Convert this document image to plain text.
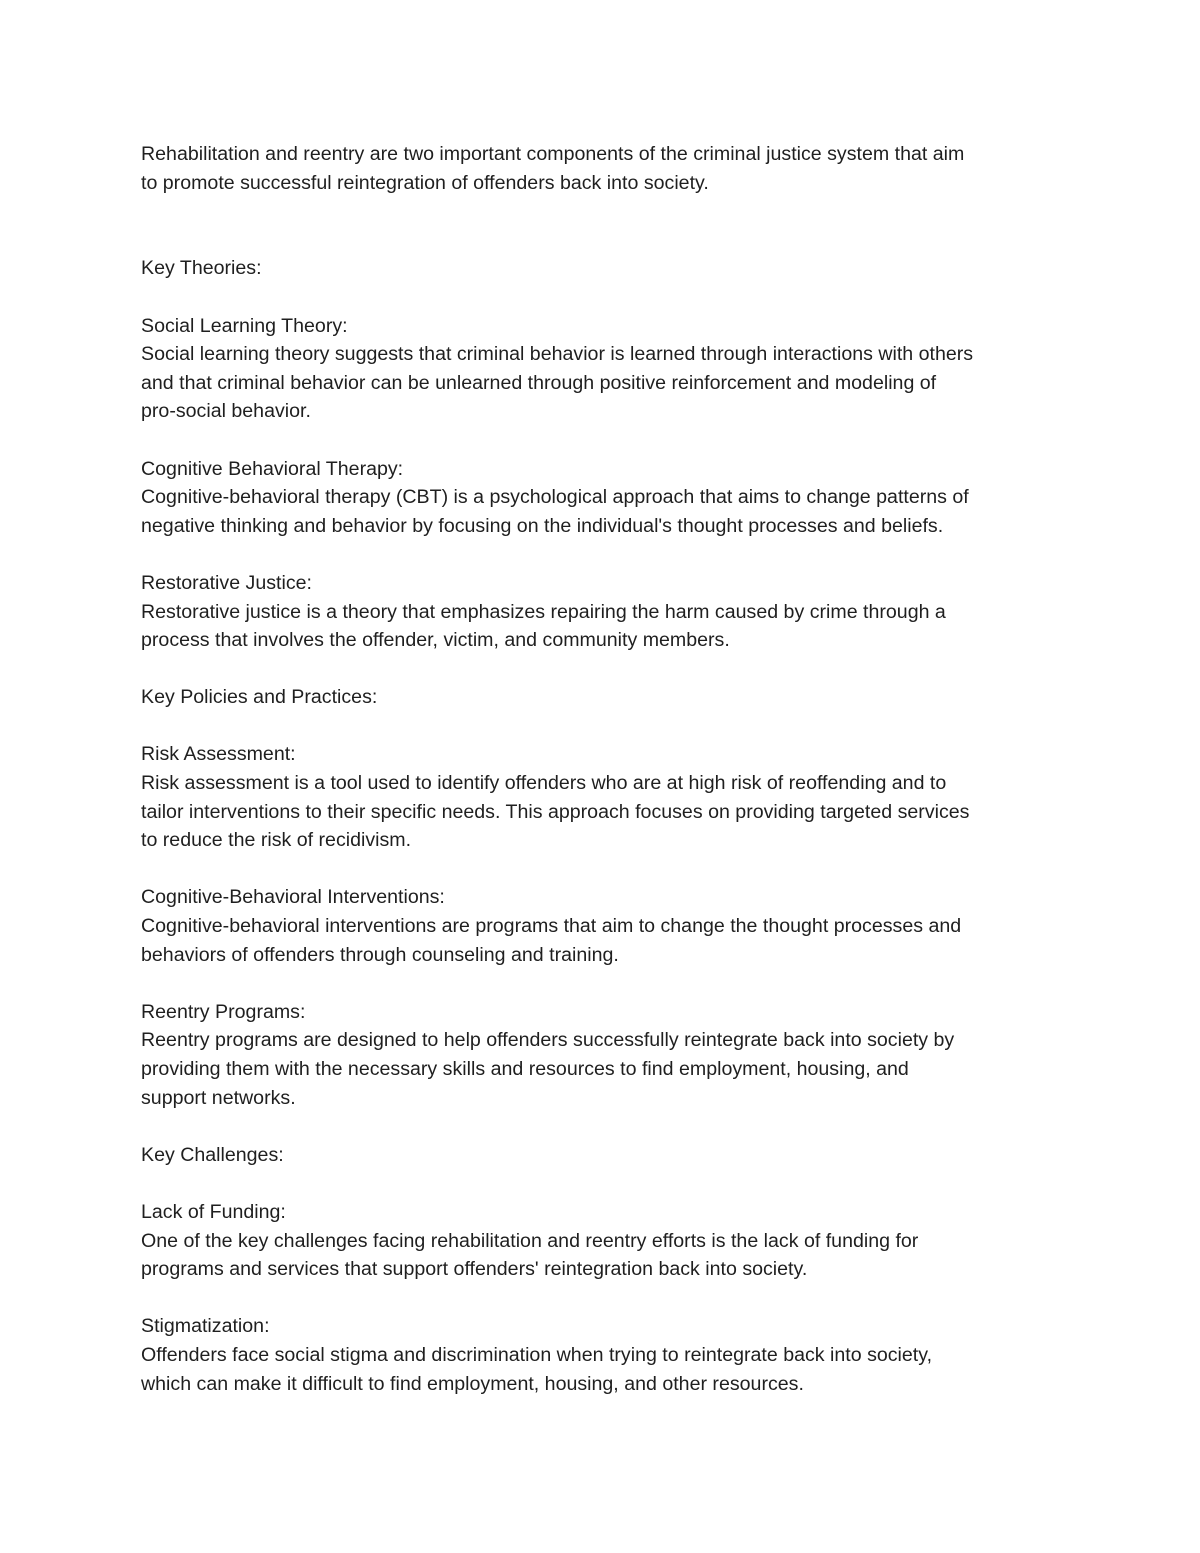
Rehabilitation and reentry are two important components of the criminal justice system that aim
to promote successful reintegration of offenders back into society.

Key Theories:

Social Learning Theory:

Social learning theory suggests that criminal behavior is learned through interactions with others
and that criminal behavior can be unlearned through positive reinforcement and modeling of
pro-social behavior.

Cognitive Behavioral Therapy:

Cognitive-behavioral therapy (CBT) is a psychological approach that aims to change patterns of
negative thinking and behavior by focusing on the individual's thought processes and beliefs.

Restorative Justice:

Restorative justice is a theory that emphasizes repairing the harm caused by crime through a
process that involves the offender, victim, and community members.

Key Policies and Practices:

Risk Assessment:

Risk assessment is a tool used to identify offenders who are at high risk of reoffending and to
tailor interventions to their specific needs. This approach focuses on providing targeted services
to reduce the risk of recidivism.

Cognitive-Behavioral Interventions:

Cognitive-behavioral interventions are programs that aim to change the thought processes and
behaviors of offenders through counseling and training.

Reentry Programs:

Reentry programs are designed to help offenders successfully reintegrate back into society by
providing them with the necessary skills and resources to find employment, housing, and
support networks.

Key Challenges:

Lack of Funding:

One of the key challenges facing rehabilitation and reentry efforts is the lack of funding for
programs and services that support offenders' reintegration back into society.

Stigmatization:

Offenders face social stigma and discrimination when trying to reintegrate back into society,
which can make it difficult to find employment, housing, and other resources.
